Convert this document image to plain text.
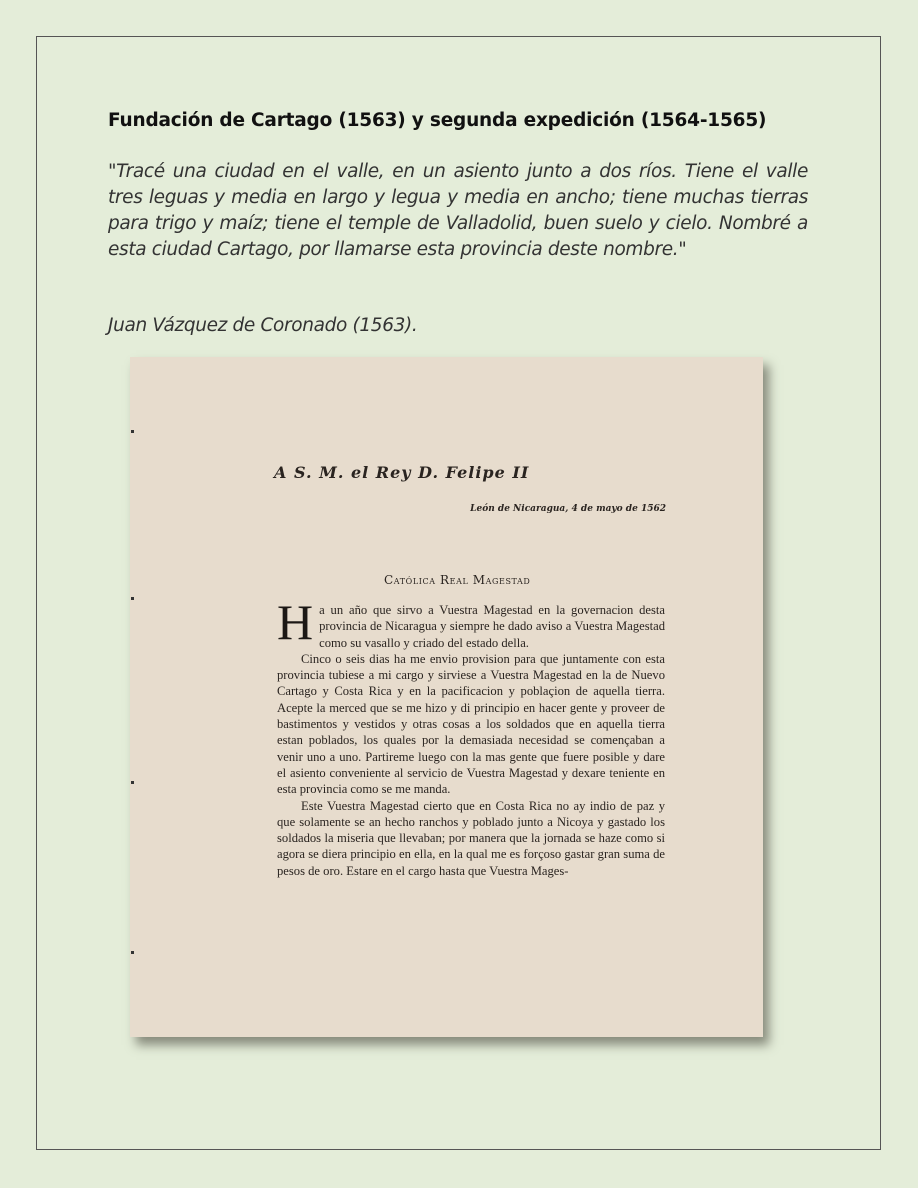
Fundación de Cartago (1563) y segunda expedición (1564-1565)
"Tracé una ciudad en el valle, en un asiento junto a dos ríos. Tiene el valle tres leguas y media en largo y legua y media en ancho; tiene muchas tierras para trigo y maíz; tiene el temple de Valladolid, buen suelo y cielo. Nombré a esta ciudad Cartago, por llamarse esta provincia deste nombre."
Juan Vázquez de Coronado (1563).
A S. M. el Rey D. Felipe II
León de Nicaragua, 4 de mayo de 1562
Católica Real Magestad

Ha un año que sirvo a Vuestra Magestad en la governacion desta provincia de Nicaragua y siempre he dado aviso a Vuestra Magestad como su vasallo y criado del estado della.

Cinco o seis dias ha me envio provision para que juntamente con esta provincia tubiese a mi cargo y sirviese a Vuestra Magestad en la de Nuevo Cartago y Costa Rica y en la pacificacion y poblaçion de aquella tierra. Acepte la merced que se me hizo y di principio en hacer gente y proveer de bastimentos y vestidos y otras cosas a los soldados que en aquella tierra estan poblados, los quales por la demasiada necesidad se començaban a venir uno a uno. Partireme luego con la mas gente que fuere posible y dare el asiento conveniente al servicio de Vuestra Magestad y dexare teniente en esta provincia como se me manda.

Este Vuestra Magestad cierto que en Costa Rica no ay indio de paz y que solamente se an hecho ranchos y poblado junto a Nicoya y gastado los soldados la miseria que llevaban; por manera que la jornada se haze como si agora se diera principio en ella, en la qual me es forçoso gastar gran suma de pesos de oro. Estare en el cargo hasta que Vuestra Mages-
